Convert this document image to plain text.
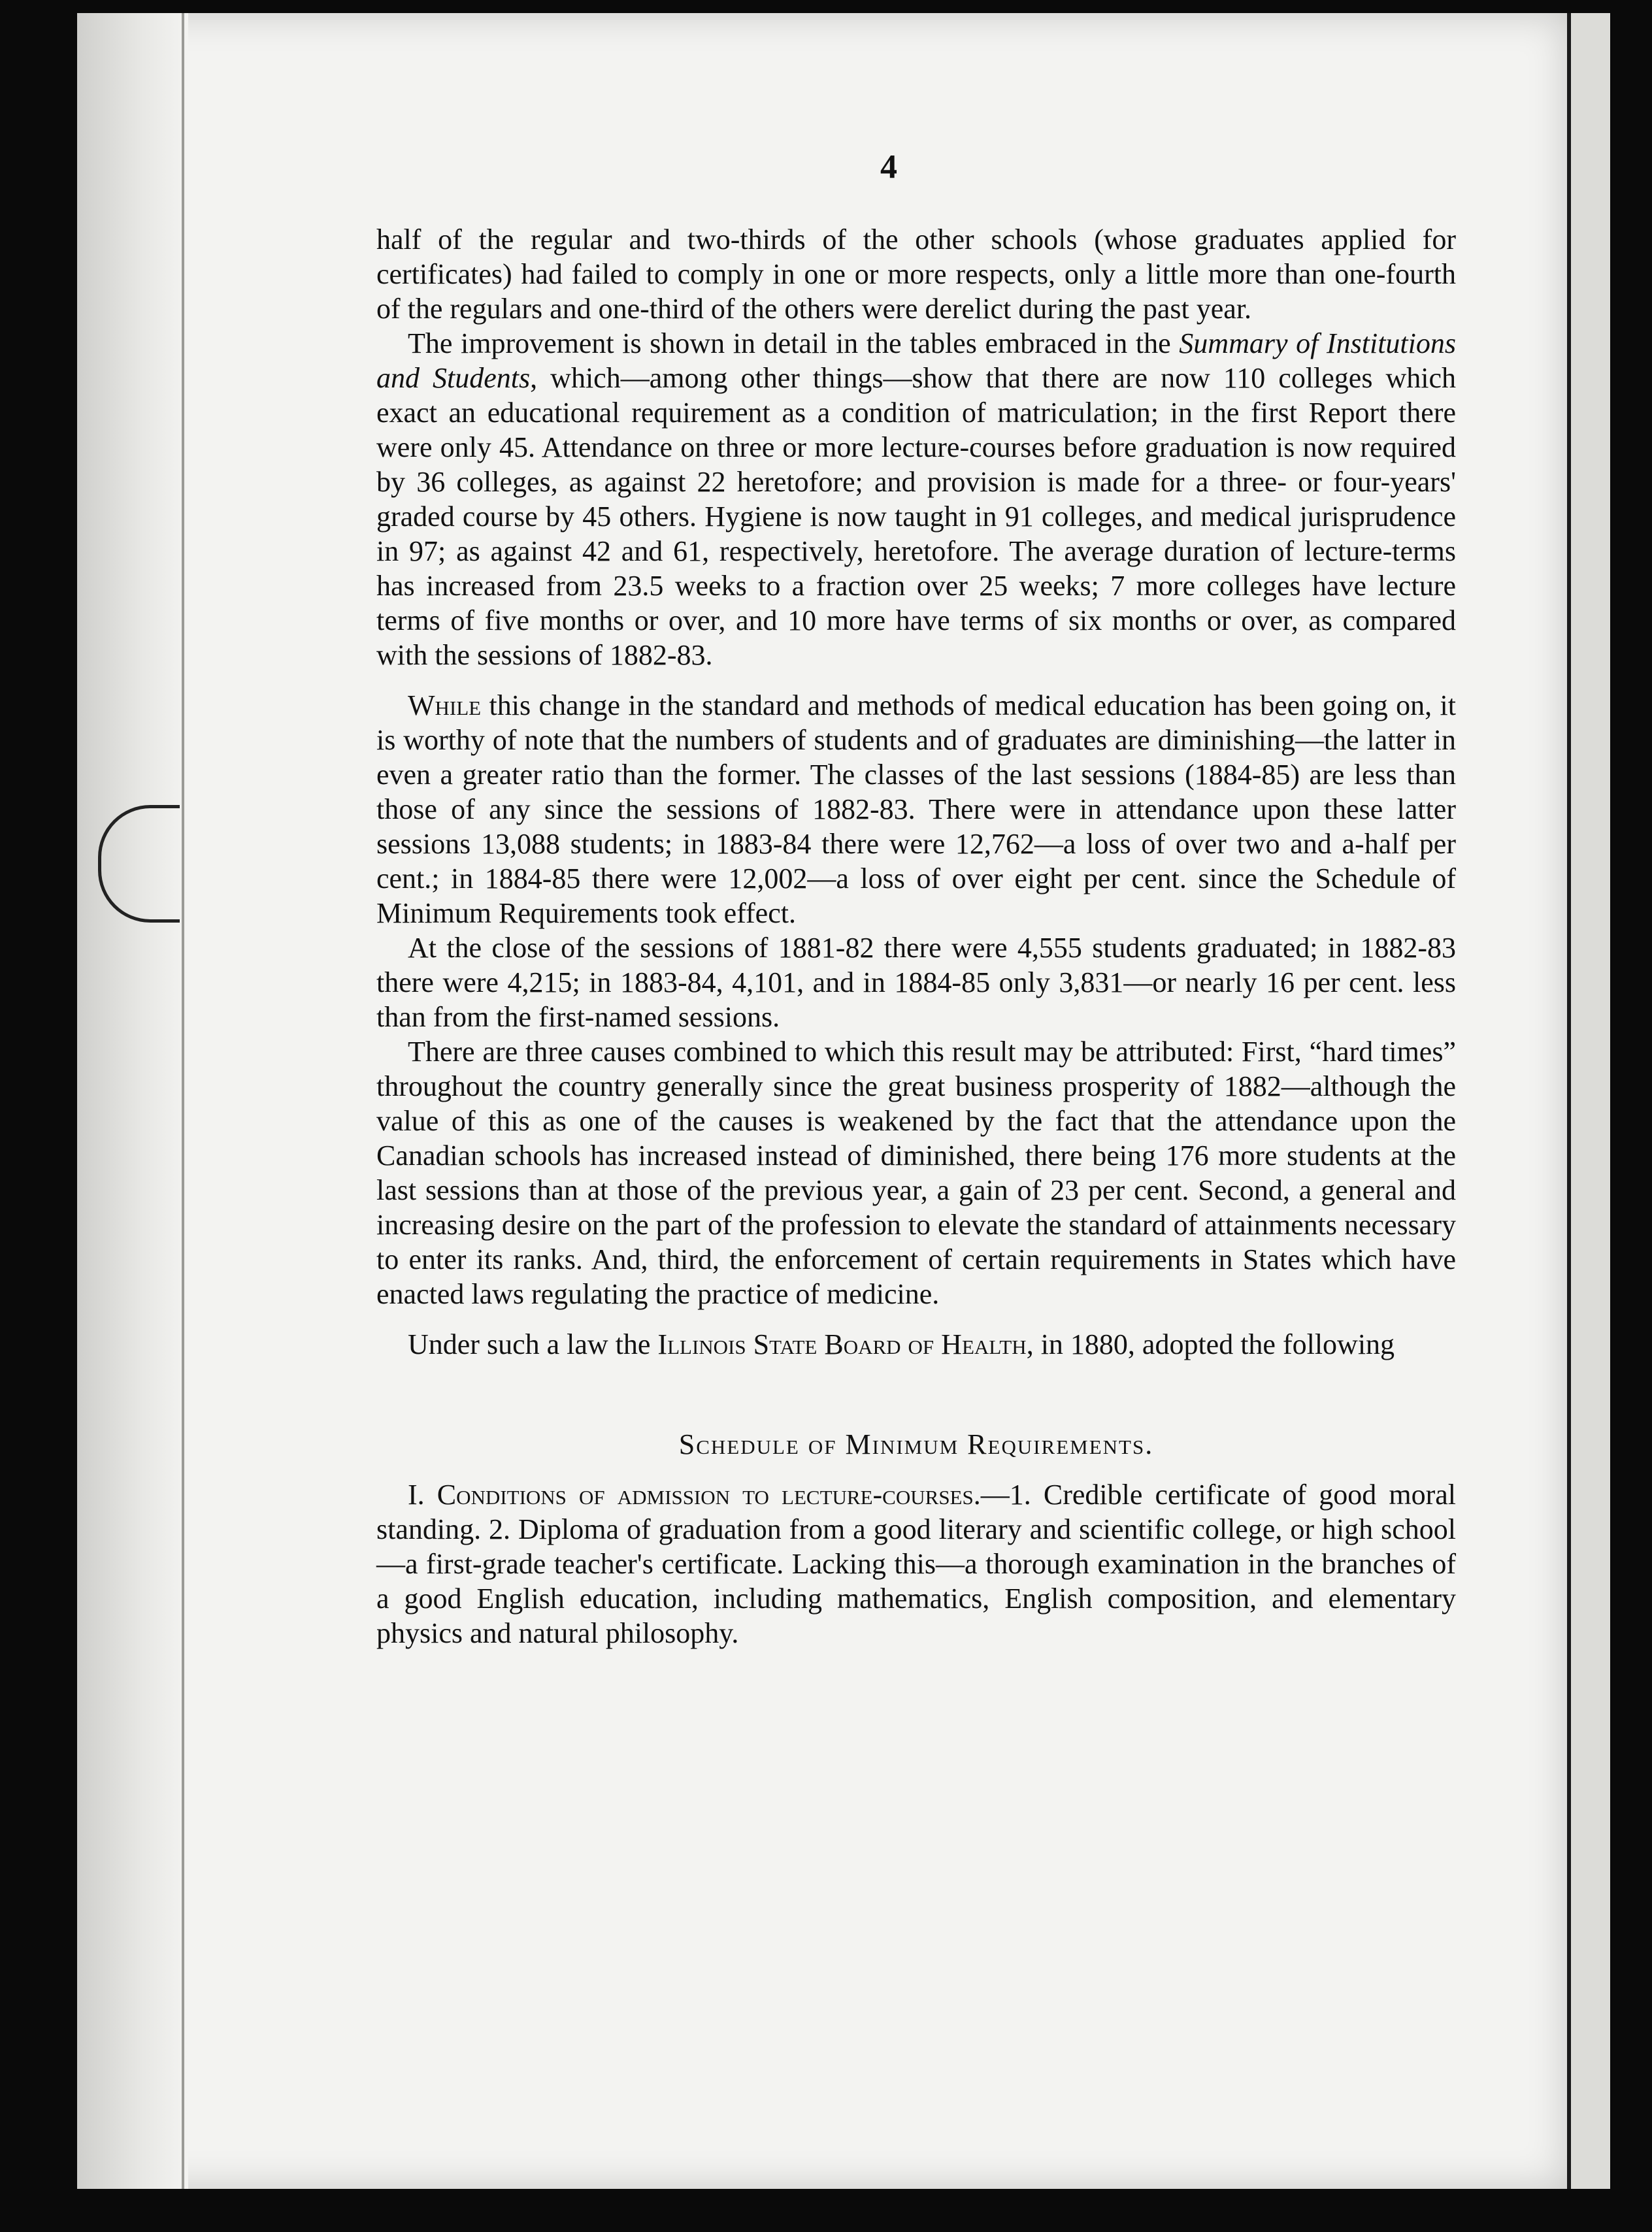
4

half of the regular and two-thirds of the other schools (whose graduates applied for certificates) had failed to comply in one or more respects, only a little more than one-fourth of the regulars and one-third of the others were derelict during the past year.

The improvement is shown in detail in the tables embraced in the Summary of Institutions and Students, which—among other things—show that there are now 110 colleges which exact an educational requirement as a condition of matriculation; in the first Report there were only 45. Attendance on three or more lecture-courses before graduation is now required by 36 colleges, as against 22 heretofore; and provision is made for a three- or four-years' graded course by 45 others. Hygiene is now taught in 91 colleges, and medical jurisprudence in 97; as against 42 and 61, respectively, heretofore. The average duration of lecture-terms has increased from 23.5 weeks to a fraction over 25 weeks; 7 more colleges have lecture terms of five months or over, and 10 more have terms of six months or over, as compared with the sessions of 1882-83.

While this change in the standard and methods of medical education has been going on, it is worthy of note that the numbers of students and of graduates are diminishing—the latter in even a greater ratio than the former. The classes of the last sessions (1884-85) are less than those of any since the sessions of 1882-83. There were in attendance upon these latter sessions 13,088 students; in 1883-84 there were 12,762—a loss of over two and a-half per cent.; in 1884-85 there were 12,002—a loss of over eight per cent. since the Schedule of Minimum Requirements took effect.

At the close of the sessions of 1881-82 there were 4,555 students graduated; in 1882-83 there were 4,215; in 1883-84, 4,101, and in 1884-85 only 3,831—or nearly 16 per cent. less than from the first-named sessions.

There are three causes combined to which this result may be attributed: First, “hard times” throughout the country generally since the great business prosperity of 1882—although the value of this as one of the causes is weakened by the fact that the attendance upon the Canadian schools has increased instead of diminished, there being 176 more students at the last sessions than at those of the previous year, a gain of 23 per cent. Second, a general and increasing desire on the part of the profession to elevate the standard of attainments necessary to enter its ranks. And, third, the enforcement of certain requirements in States which have enacted laws regulating the practice of medicine.

Under such a law the Illinois State Board of Health, in 1880, adopted the following

Schedule of Minimum Requirements.

I. Conditions of admission to lecture-courses.—1. Credible certificate of good moral standing. 2. Diploma of graduation from a good literary and scientific college, or high school—a first-grade teacher's certificate. Lacking this—a thorough examination in the branches of a good English education, including mathematics, English composition, and elementary physics and natural philosophy.
